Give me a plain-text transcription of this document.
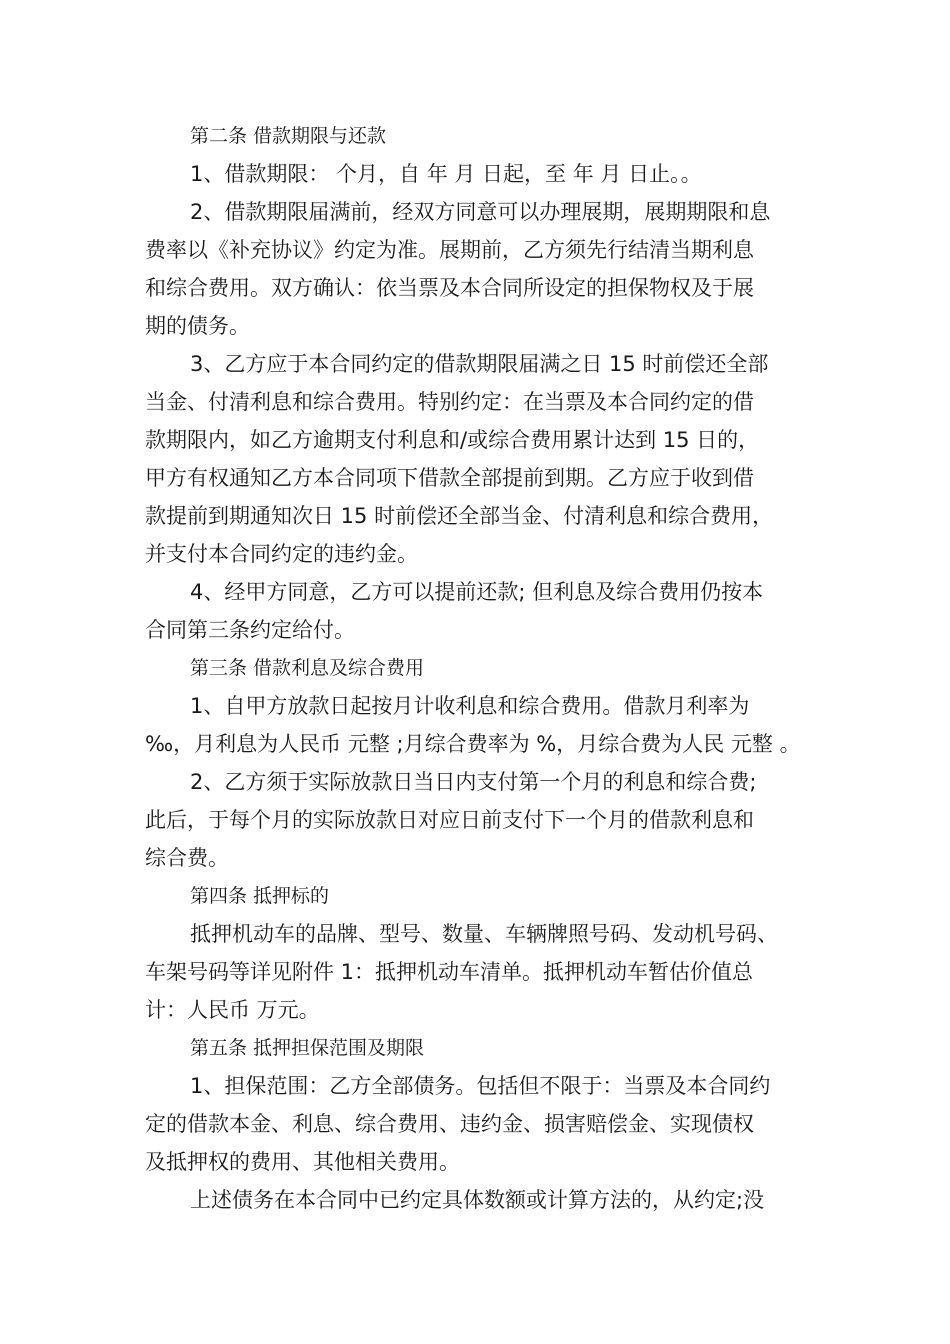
第二条 借款期限与还款
1、借款期限： 个月，自 年 月 日起，至 年 月 日止。。
2、借款期限届满前，经双方同意可以办理展期，展期期限和息
费率以《补充协议》约定为准。展期前，乙方须先行结清当期利息
和综合费用。双方确认：依当票及本合同所设定的担保物权及于展
期的债务。
3、乙方应于本合同约定的借款期限届满之日 15 时前偿还全部
当金、付清利息和综合费用。特别约定：在当票及本合同约定的借
款期限内，如乙方逾期支付利息和/或综合费用累计达到 15 日的，
甲方有权通知乙方本合同项下借款全部提前到期。乙方应于收到借
款提前到期通知次日 15 时前偿还全部当金、付清利息和综合费用，
并支付本合同约定的违约金。
4、经甲方同意，乙方可以提前还款; 但利息及综合费用仍按本
合同第三条约定给付。
第三条 借款利息及综合费用
1、自甲方放款日起按月计收利息和综合费用。借款月利率为
‰，月利息为人民币 元整 ;月综合费率为 %，月综合费为人民 元整 。
2、乙方须于实际放款日当日内支付第一个月的利息和综合费;
此后，于每个月的实际放款日对应日前支付下一个月的借款利息和
综合费。
第四条 抵押标的
抵押机动车的品牌、型号、数量、车辆牌照号码、发动机号码、
车架号码等详见附件 1：抵押机动车清单。抵押机动车暂估价值总
计：人民币 万元。
第五条 抵押担保范围及期限
1、担保范围：乙方全部债务。包括但不限于：当票及本合同约
定的借款本金、利息、综合费用、违约金、损害赔偿金、实现债权
及抵押权的费用、其他相关费用。
上述债务在本合同中已约定具体数额或计算方法的，从约定;没
